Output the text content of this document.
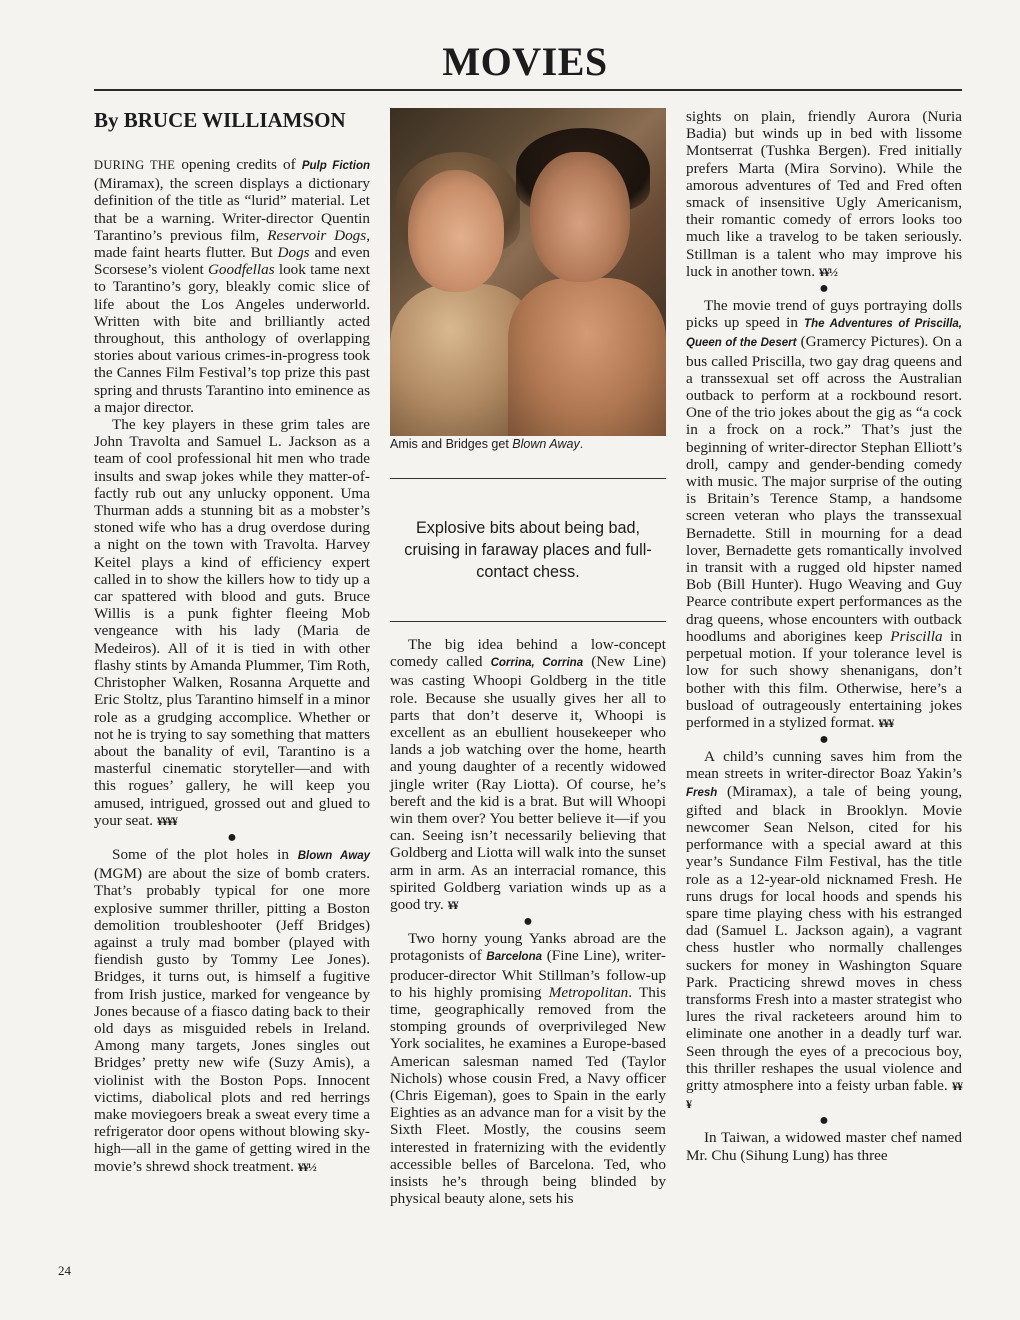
MOVIES
By BRUCE WILLIAMSON

DURING THE opening credits of Pulp Fiction (Miramax), the screen displays a dictionary definition of the title as “lurid” material. Let that be a warning. Writer-director Quentin Tarantino’s previous film, Reservoir Dogs, made faint hearts flutter. But Dogs and even Scorsese’s violent Goodfellas look tame next to Tarantino’s gory, bleakly comic slice of life about the Los Angeles underworld. Written with bite and brilliantly acted throughout, this anthology of overlapping stories about various crimes-in-progress took the Cannes Film Festival’s top prize this past spring and thrusts Tarantino into eminence as a major director.

The key players in these grim tales are John Travolta and Samuel L. Jackson as a team of cool professional hit men who trade insults and swap jokes while they matter-of-factly rub out any unlucky opponent. Uma Thurman adds a stunning bit as a mobster’s stoned wife who has a drug overdose during a night on the town with Travolta. Harvey Keitel plays a kind of efficiency expert called in to show the killers how to tidy up a car spattered with blood and guts. Bruce Willis is a punk fighter fleeing Mob vengeance with his lady (Maria de Medeiros). All of it is tied in with other flashy stints by Amanda Plummer, Tim Roth, Christopher Walken, Rosanna Arquette and Eric Stoltz, plus Tarantino himself in a minor role as a grudging accomplice. Whether or not he is trying to say something that matters about the banality of evil, Tarantino is a masterful cinematic storyteller—and with this rogues’ gallery, he will keep you amused, intrigued, grossed out and glued to your seat. ¥¥¥¥

●

Some of the plot holes in Blown Away (MGM) are about the size of bomb craters. That’s probably typical for one more explosive summer thriller, pitting a Boston demolition troubleshooter (Jeff Bridges) against a truly mad bomber (played with fiendish gusto by Tommy Lee Jones). Bridges, it turns out, is himself a fugitive from Irish justice, marked for vengeance by Jones because of a fiasco dating back to their old days as misguided rebels in Ireland. Among many targets, Jones singles out Bridges’ pretty new wife (Suzy Amis), a violinist with the Boston Pops. Innocent victims, diabolical plots and red herrings make moviegoers break a sweat every time a refrigerator door opens without blowing sky-high—all in the game of getting wired in the movie’s shrewd shock treatment. ¥¥½

Amis and Bridges get Blown Away.

Explosive bits about being bad, cruising in faraway places and full-contact chess.

The big idea behind a low-concept comedy called Corrina, Corrina (New Line) was casting Whoopi Goldberg in the title role. Because she usually gives her all to parts that don’t deserve it, Whoopi is excellent as an ebullient housekeeper who lands a job watching over the home, hearth and young daughter of a recently widowed jingle writer (Ray Liotta). Of course, he’s bereft and the kid is a brat. But will Whoopi win them over? You better believe it—if you can. Seeing isn’t necessarily believing that Goldberg and Liotta will walk into the sunset arm in arm. As an interracial romance, this spirited Goldberg variation winds up as a good try. ¥¥

●

Two horny young Yanks abroad are the protagonists of Barcelona (Fine Line), writer-producer-director Whit Stillman’s follow-up to his highly promising Metropolitan. This time, geographically removed from the stomping grounds of overprivileged New York socialites, he examines a Europe-based American salesman named Ted (Taylor Nichols) whose cousin Fred, a Navy officer (Chris Eigeman), goes to Spain in the early Eighties as an advance man for a visit by the Sixth Fleet. Mostly, the cousins seem interested in fraternizing with the evidently accessible belles of Barcelona. Ted, who insists he’s through being blinded by physical beauty alone, sets his

sights on plain, friendly Aurora (Nuria Badia) but winds up in bed with lissome Montserrat (Tushka Bergen). Fred initially prefers Marta (Mira Sorvino). While the amorous adventures of Ted and Fred often smack of insensitive Ugly Americanism, their romantic comedy of errors looks too much like a travelog to be taken seriously. Stillman is a talent who may improve his luck in another town. ¥¥½

●

The movie trend of guys portraying dolls picks up speed in The Adventures of Priscilla, Queen of the Desert (Gramercy Pictures). On a bus called Priscilla, two gay drag queens and a transsexual set off across the Australian outback to perform at a rockbound resort. One of the trio jokes about the gig as “a cock in a frock on a rock.” That’s just the beginning of writer-director Stephan Elliott’s droll, campy and gender-bending comedy with music. The major surprise of the outing is Britain’s Terence Stamp, a handsome screen veteran who plays the transsexual Bernadette. Still in mourning for a dead lover, Bernadette gets romantically involved in transit with a rugged old hipster named Bob (Bill Hunter). Hugo Weaving and Guy Pearce contribute expert performances as the drag queens, whose encounters with outback hoodlums and aborigines keep Priscilla in perpetual motion. If your tolerance level is low for such showy shenanigans, don’t bother with this film. Otherwise, here’s a busload of outrageously entertaining jokes performed in a stylized format. ¥¥¥

●

A child’s cunning saves him from the mean streets in writer-director Boaz Yakin’s Fresh (Miramax), a tale of being young, gifted and black in Brooklyn. Movie newcomer Sean Nelson, cited for his performance with a special award at this year’s Sundance Film Festival, has the title role as a 12-year-old nicknamed Fresh. He runs drugs for local hoods and spends his spare time playing chess with his estranged dad (Samuel L. Jackson again), a vagrant chess hustler who normally challenges suckers for money in Washington Square Park. Practicing shrewd moves in chess transforms Fresh into a master strategist who lures the rival racketeers around him to eliminate one another in a deadly turf war. Seen through the eyes of a precocious boy, this thriller reshapes the usual violence and gritty atmosphere into a feisty urban fable. ¥¥¥

●

In Taiwan, a widowed master chef named Mr. Chu (Sihung Lung) has three

24
